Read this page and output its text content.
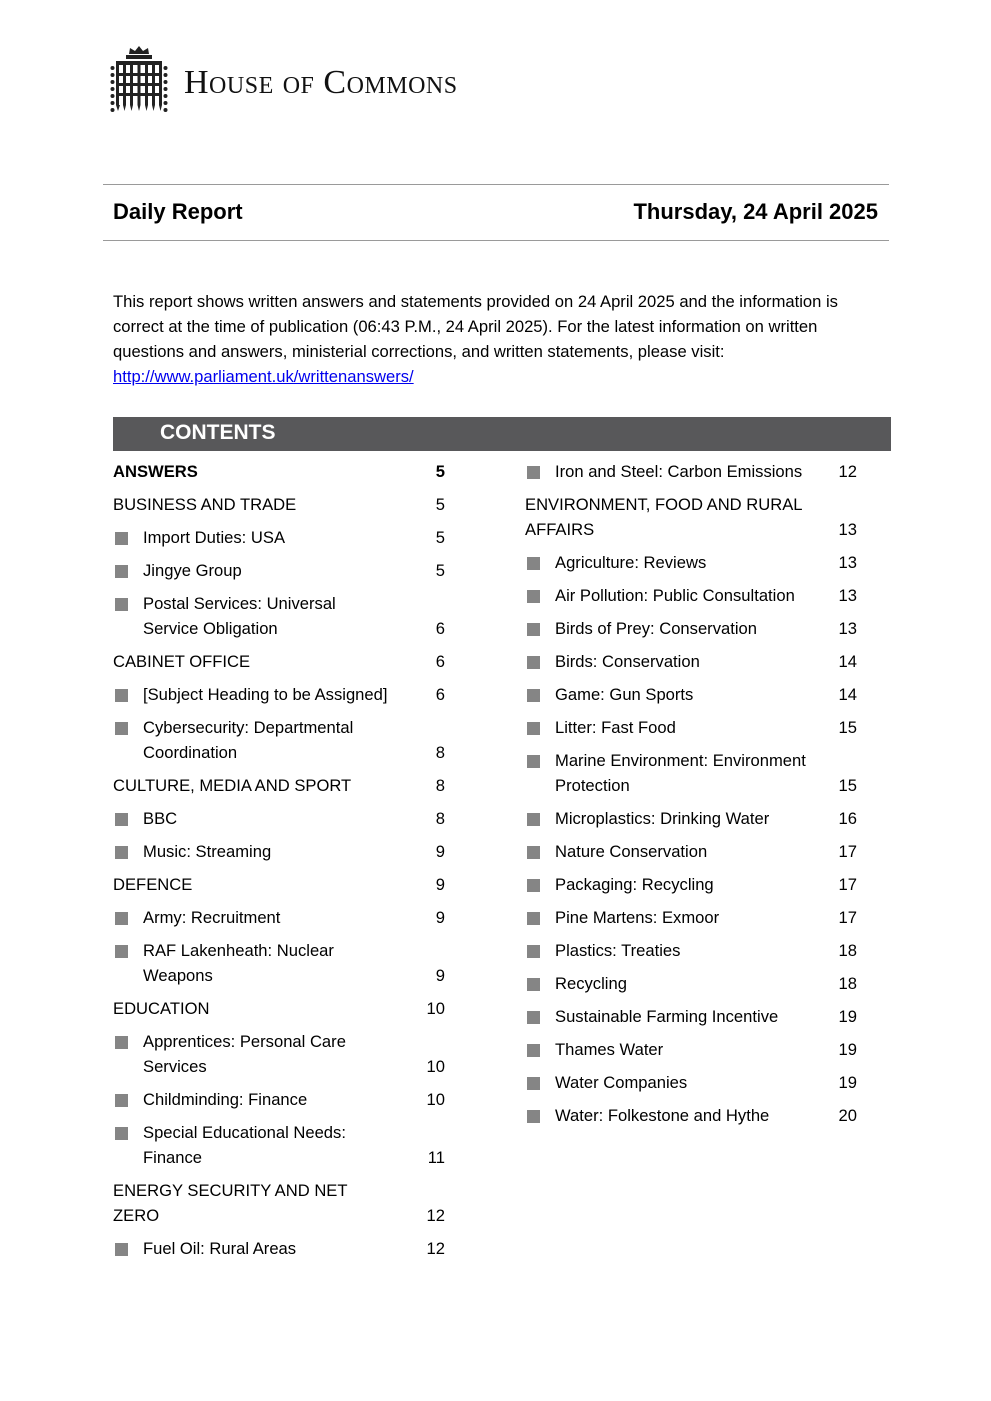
House of Commons
Daily Report	Thursday, 24 April 2025
This report shows written answers and statements provided on 24 April 2025 and the information is correct at the time of publication (06:43 P.M., 24 April 2025). For the latest information on written questions and answers, ministerial corrections, and written statements, please visit: http://www.parliament.uk/writtenanswers/
CONTENTS
ANSWERS	5
BUSINESS AND TRADE	5
Import Duties: USA	5
Jingye Group	5
Postal Services: Universal Service Obligation	6
CABINET OFFICE	6
[Subject Heading to be Assigned]	6
Cybersecurity: Departmental Coordination	8
CULTURE, MEDIA AND SPORT	8
BBC	8
Music: Streaming	9
DEFENCE	9
Army: Recruitment	9
RAF Lakenheath: Nuclear Weapons	9
EDUCATION	10
Apprentices: Personal Care Services	10
Childminding: Finance	10
Special Educational Needs: Finance	11
ENERGY SECURITY AND NET ZERO	12
Fuel Oil: Rural Areas	12
Iron and Steel: Carbon Emissions 12
ENVIRONMENT, FOOD AND RURAL AFFAIRS	13
Agriculture: Reviews	13
Air Pollution: Public Consultation	13
Birds of Prey: Conservation	13
Birds: Conservation	14
Game: Gun Sports	14
Litter: Fast Food	15
Marine Environment: Environment Protection	15
Microplastics: Drinking Water	16
Nature Conservation	17
Packaging: Recycling	17
Pine Martens: Exmoor	17
Plastics: Treaties	18
Recycling	18
Sustainable Farming Incentive	19
Thames Water	19
Water Companies	19
Water: Folkestone and Hythe	20
